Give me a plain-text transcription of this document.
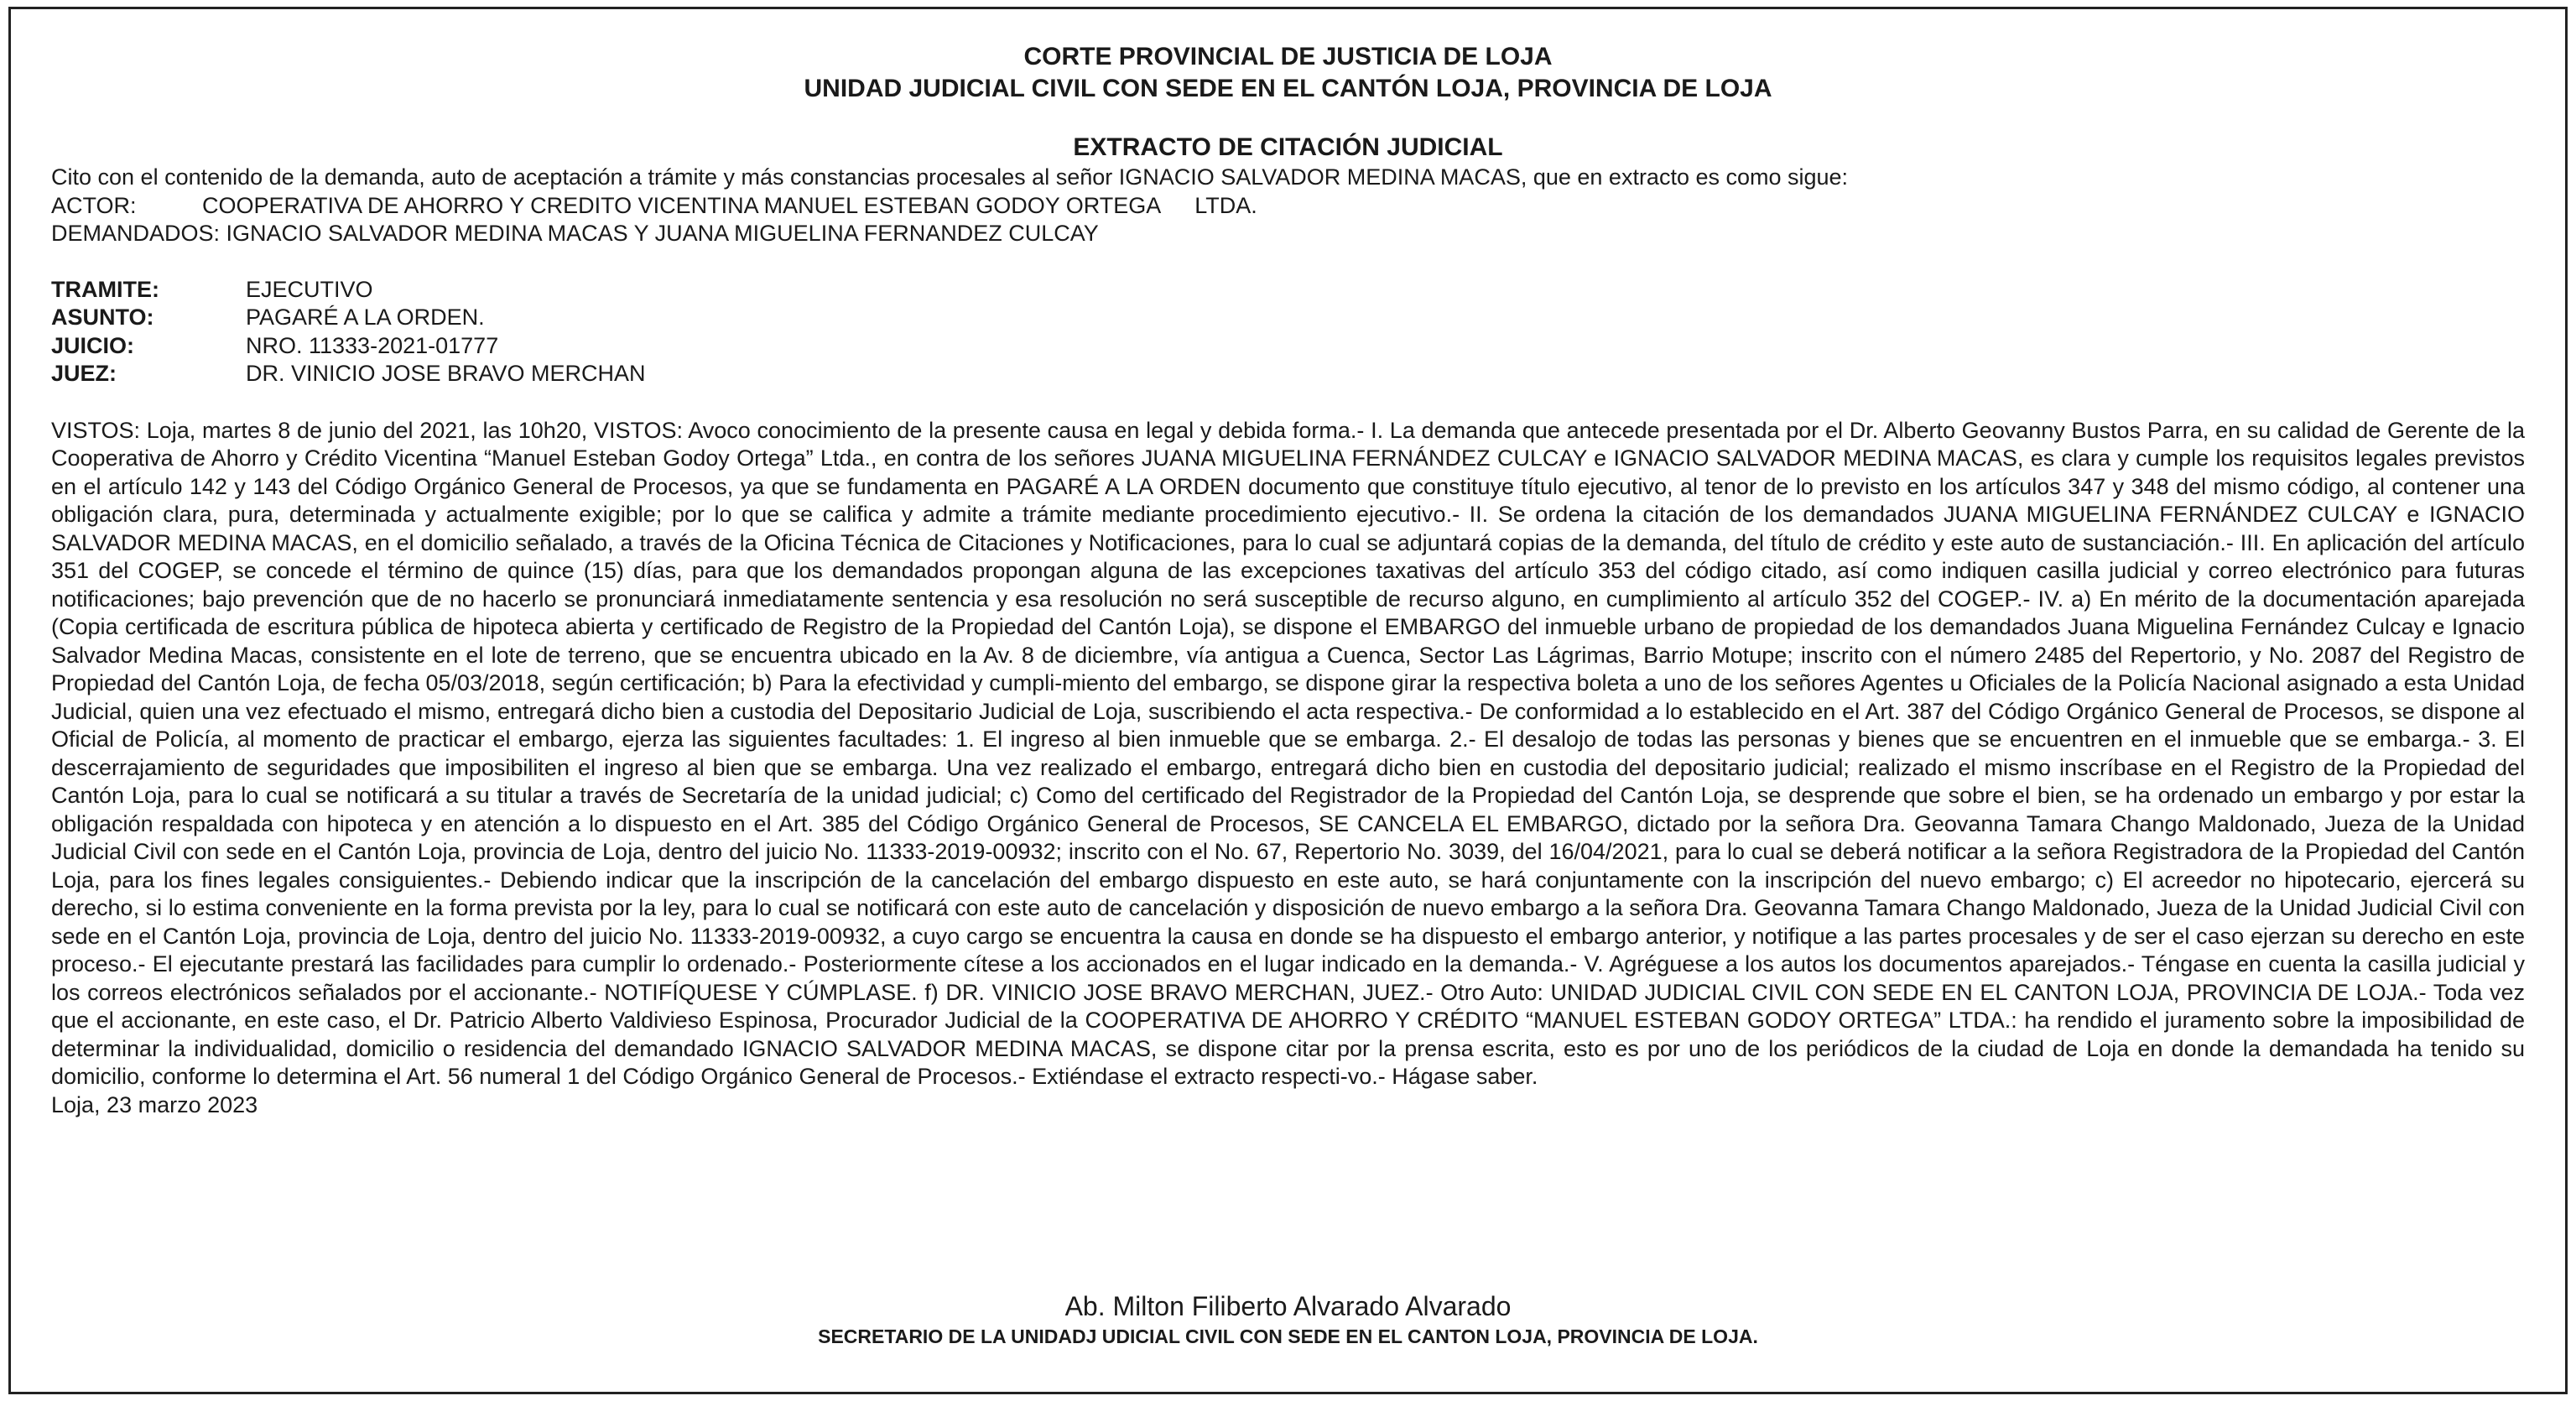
CORTE PROVINCIAL DE JUSTICIA DE LOJA
UNIDAD JUDICIAL CIVIL CON SEDE EN EL CANTÓN LOJA, PROVINCIA DE LOJA
EXTRACTO DE CITACIÓN JUDICIAL
Cito con el contenido de la demanda, auto de aceptación a trámite y más constancias procesales al señor IGNACIO SALVADOR MEDINA MACAS, que en extracto es como sigue:
ACTOR:	COOPERATIVA DE AHORRO Y CREDITO VICENTINA MANUEL ESTEBAN GODOY ORTEGA LTDA.
DEMANDADOS: IGNACIO SALVADOR MEDINA MACAS Y JUANA MIGUELINA FERNANDEZ CULCAY
TRAMITE:	EJECUTIVO
ASUNTO:	PAGARÉ A LA ORDEN.
JUICIO:	NRO. 11333-2021-01777
JUEZ:	DR. VINICIO JOSE BRAVO MERCHAN
VISTOS: Loja, martes 8 de junio del 2021, las 10h20, VISTOS: Avoco conocimiento de la presente causa en legal y debida forma.- I. La demanda que antecede presentada por el Dr. Alberto Geovanny Bustos Parra, en su calidad de Gerente de la Cooperativa de Ahorro y Crédito Vicentina “Manuel Esteban Godoy Ortega” Ltda., en contra de los señores JUANA MIGUELINA FERNÁNDEZ CULCAY e IGNACIO SALVADOR MEDINA MACAS, es clara y cumple los requisitos legales previstos en el artículo 142 y 143 del Código Orgánico General de Procesos, ya que se fundamenta en PAGARÉ A LA ORDEN documento que constituye título ejecutivo, al tenor de lo previsto en los artículos 347 y 348 del mismo código, al contener una obligación clara, pura, determinada y actualmente exigible; por lo que se califica y admite a trámite mediante procedimiento ejecutivo.- II. Se ordena la citación de los demandados JUANA MIGUELINA FERNÁNDEZ CULCAY e IGNACIO SALVADOR MEDINA MACAS, en el domicilio señalado, a través de la Oficina Técnica de Citaciones y Notificaciones, para lo cual se adjuntará copias de la demanda, del título de crédito y este auto de sustanciación.- III. En aplicación del artículo 351 del COGEP, se concede el término de quince (15) días, para que los demandados propongan alguna de las excepciones taxativas del artículo 353 del código citado, así como indiquen casilla judicial y correo electrónico para futuras notificaciones; bajo prevención que de no hacerlo se pronunciará inmediatamente sentencia y esa resolución no será susceptible de recurso alguno, en cumplimiento al artículo 352 del COGEP.- IV. a) En mérito de la documentación aparejada (Copia certificada de escritura pública de hipoteca abierta y certificado de Registro de la Propiedad del Cantón Loja), se dispone el EMBARGO del inmueble urbano de propiedad de los demandados Juana Miguelina Fernández Culcay e Ignacio Salvador Medina Macas, consistente en el lote de terreno, que se encuentra ubicado en la Av. 8 de diciembre, vía antigua a Cuenca, Sector Las Lágrimas, Barrio Motupe; inscrito con el número 2485 del Repertorio, y No. 2087 del Registro de Propiedad del Cantón Loja, de fecha 05/03/2018, según certificación; b) Para la efectividad y cumpli-miento del embargo, se dispone girar la respectiva boleta a uno de los señores Agentes u Oficiales de la Policía Nacional asignado a esta Unidad Judicial, quien una vez efectuado el mismo, entregará dicho bien a custodia del Depositario Judicial de Loja, suscribiendo el acta respectiva.- De conformidad a lo establecido en el Art. 387 del Código Orgánico General de Procesos, se dispone al Oficial de Policía, al momento de practicar el embargo, ejerza las siguientes facultades: 1. El ingreso al bien inmueble que se embarga. 2.- El desalojo de todas las personas y bienes que se encuentren en el inmueble que se embarga.- 3. El descerrajamiento de seguridades que imposibiliten el ingreso al bien que se embarga. Una vez realizado el embargo, entregará dicho bien en custodia del depositario judicial; realizado el mismo inscríbase en el Registro de la Propiedad del Cantón Loja, para lo cual se notificará a su titular a través de Secretaría de la unidad judicial; c) Como del certificado del Registrador de la Propiedad del Cantón Loja, se desprende que sobre el bien, se ha ordenado un embargo y por estar la obligación respaldada con hipoteca y en atención a lo dispuesto en el Art. 385 del Código Orgánico General de Procesos, SE CANCELA EL EMBARGO, dictado por la señora Dra. Geovanna Tamara Chango Maldonado, Jueza de la Unidad Judicial Civil con sede en el Cantón Loja, provincia de Loja, dentro del juicio No. 11333-2019-00932; inscrito con el No. 67, Repertorio No. 3039, del 16/04/2021, para lo cual se deberá notificar a la señora Registradora de la Propiedad del Cantón Loja, para los fines legales consiguientes.- Debiendo indicar que la inscripción de la cancelación del embargo dispuesto en este auto, se hará conjuntamente con la inscripción del nuevo embargo; c) El acreedor no hipotecario, ejercerá su derecho, si lo estima conveniente en la forma prevista por la ley, para lo cual se notificará con este auto de cancelación y disposición de nuevo embargo a la señora Dra. Geovanna Tamara Chango Maldonado, Jueza de la Unidad Judicial Civil con sede en el Cantón Loja, provincia de Loja, dentro del juicio No. 11333-2019-00932, a cuyo cargo se encuentra la causa en donde se ha dispuesto el embargo anterior, y notifique a las partes procesales y de ser el caso ejerzan su derecho en este proceso.- El ejecutante prestará las facilidades para cumplir lo ordenado.- Posteriormente cítese a los accionados en el lugar indicado en la demanda.- V. Agréguese a los autos los documentos aparejados.- Téngase en cuenta la casilla judicial y los correos electrónicos señalados por el accionante.- NOTIFÍQUESE Y CÚMPLASE. f) DR. VINICIO JOSE BRAVO MERCHAN, JUEZ.- Otro Auto: UNIDAD JUDICIAL CIVIL CON SEDE EN EL CANTON LOJA, PROVINCIA DE LOJA.- Toda vez que el accionante, en este caso, el Dr. Patricio Alberto Valdivieso Espinosa, Procurador Judicial de la COOPERATIVA DE AHORRO Y CRÉDITO “MANUEL ESTEBAN GODOY ORTEGA” LTDA.: ha rendido el juramento sobre la imposibilidad de determinar la individualidad, domicilio o residencia del demandado IGNACIO SALVADOR MEDINA MACAS, se dispone citar por la prensa escrita, esto es por uno de los periódicos de la ciudad de Loja en donde la demandada ha tenido su domicilio, conforme lo determina el Art. 56 numeral 1 del Código Orgánico General de Procesos.- Extiéndase el extracto respecti-vo.- Hágase saber.
Loja, 23 marzo 2023
Ab. Milton Filiberto Alvarado Alvarado
SECRETARIO DE LA UNIDADJ UDICIAL CIVIL CON SEDE EN EL CANTON LOJA, PROVINCIA DE LOJA.
